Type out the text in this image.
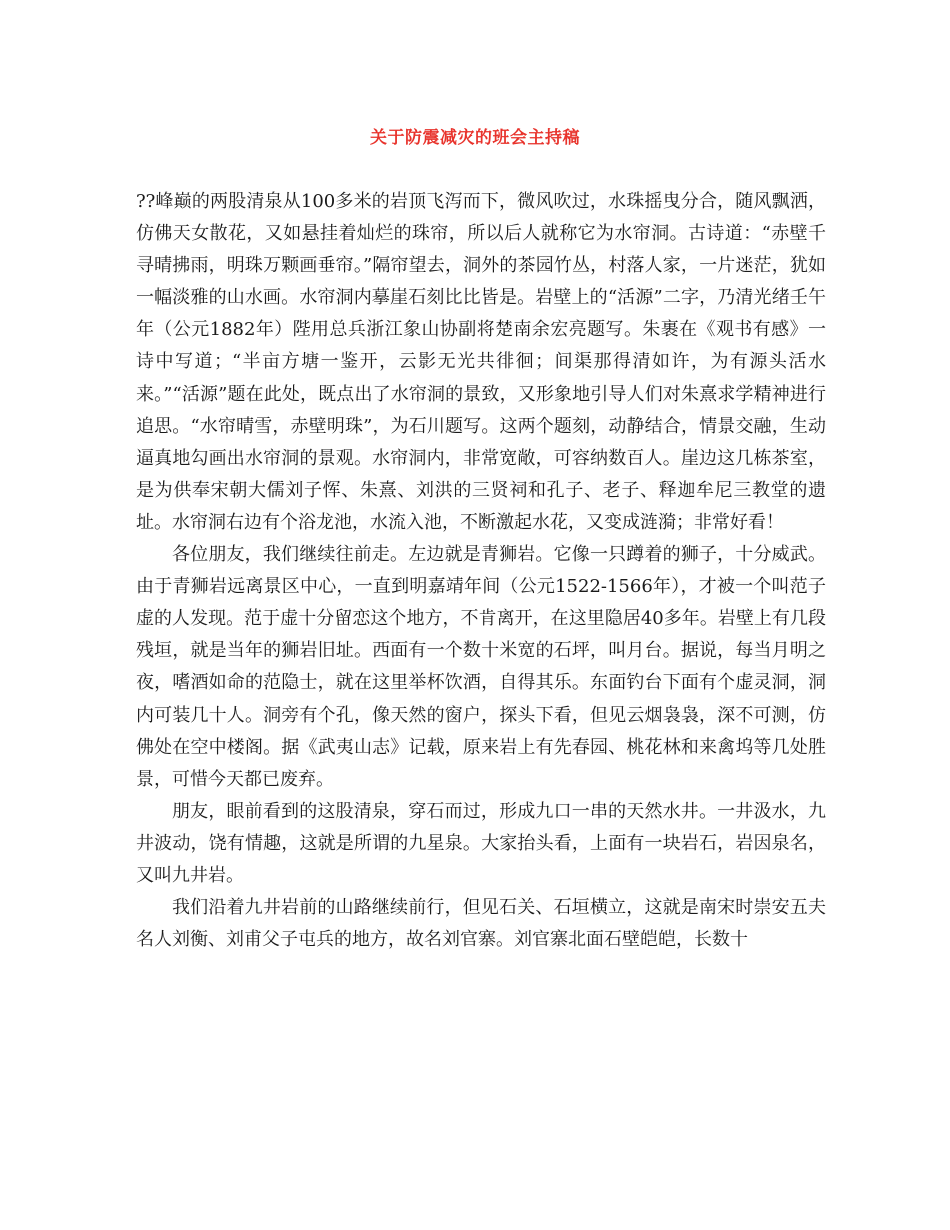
关于防震减灾的班会主持稿

??峰巅的两股清泉从100多米的岩顶飞泻而下，微风吹过，水珠摇曳分合，随风飘洒，仿佛天女散花，又如悬挂着灿烂的珠帘，所以后人就称它为水帘洞。古诗道：“赤壁千寻晴拂雨，明珠万颗画垂帘。”隔帘望去，洞外的茶园竹丛，村落人家，一片迷茫，犹如一幅淡雅的山水画。水帘洞内摹崖石刻比比皆是。岩壁上的“活源”二字，乃清光绪壬午年（公元1882年）陛用总兵浙江象山协副将楚南余宏亮题写。朱裹在《观书有感》一诗中写道；“半亩方塘一鉴开，云影无光共徘徊；间渠那得清如许，为有源头活水来。”“活源”题在此处，既点出了水帘洞的景致，又形象地引导人们对朱熹求学精神进行追思。“水帘晴雪，赤壁明珠”，为石川题写。这两个题刻，动静结合，情景交融，生动逼真地勾画出水帘洞的景观。水帘洞内，非常宽敞，可容纳数百人。崖边这几栋茶室，是为供奉宋朝大儒刘子恽、朱熹、刘洪的三贤祠和孔子、老子、释迦牟尼三教堂的遗址。水帘洞右边有个浴龙池，水流入池，不断激起水花，又变成涟漪；非常好看！

各位朋友，我们继续往前走。左边就是青狮岩。它像一只蹲着的狮子，十分威武。由于青狮岩远离景区中心，一直到明嘉靖年间（公元1522-1566年），才被一个叫范子虚的人发现。范于虚十分留恋这个地方，不肯离开，在这里隐居40多年。岩壁上有几段残垣，就是当年的狮岩旧址。西面有一个数十米宽的石坪，叫月台。据说，每当月明之夜，嗜酒如命的范隐士，就在这里举杯饮酒，自得其乐。东面钓台下面有个虚灵洞，洞内可装几十人。洞旁有个孔，像天然的窗户，探头下看，但见云烟袅袅，深不可测，仿佛处在空中楼阁。据《武夷山志》记载，原来岩上有先春园、桃花林和来禽坞等几处胜景，可惜今天都已废弃。

朋友，眼前看到的这股清泉，穿石而过，形成九口一串的天然水井。一井汲水，九井波动，饶有情趣，这就是所谓的九星泉。大家抬头看，上面有一块岩石，岩因泉名，又叫九井岩。

我们沿着九井岩前的山路继续前行，但见石关、石垣横立，这就是南宋时崇安五夫名人刘衡、刘甫父子屯兵的地方，故名刘官寨。刘官寨北面石壁皑皑，长数十
